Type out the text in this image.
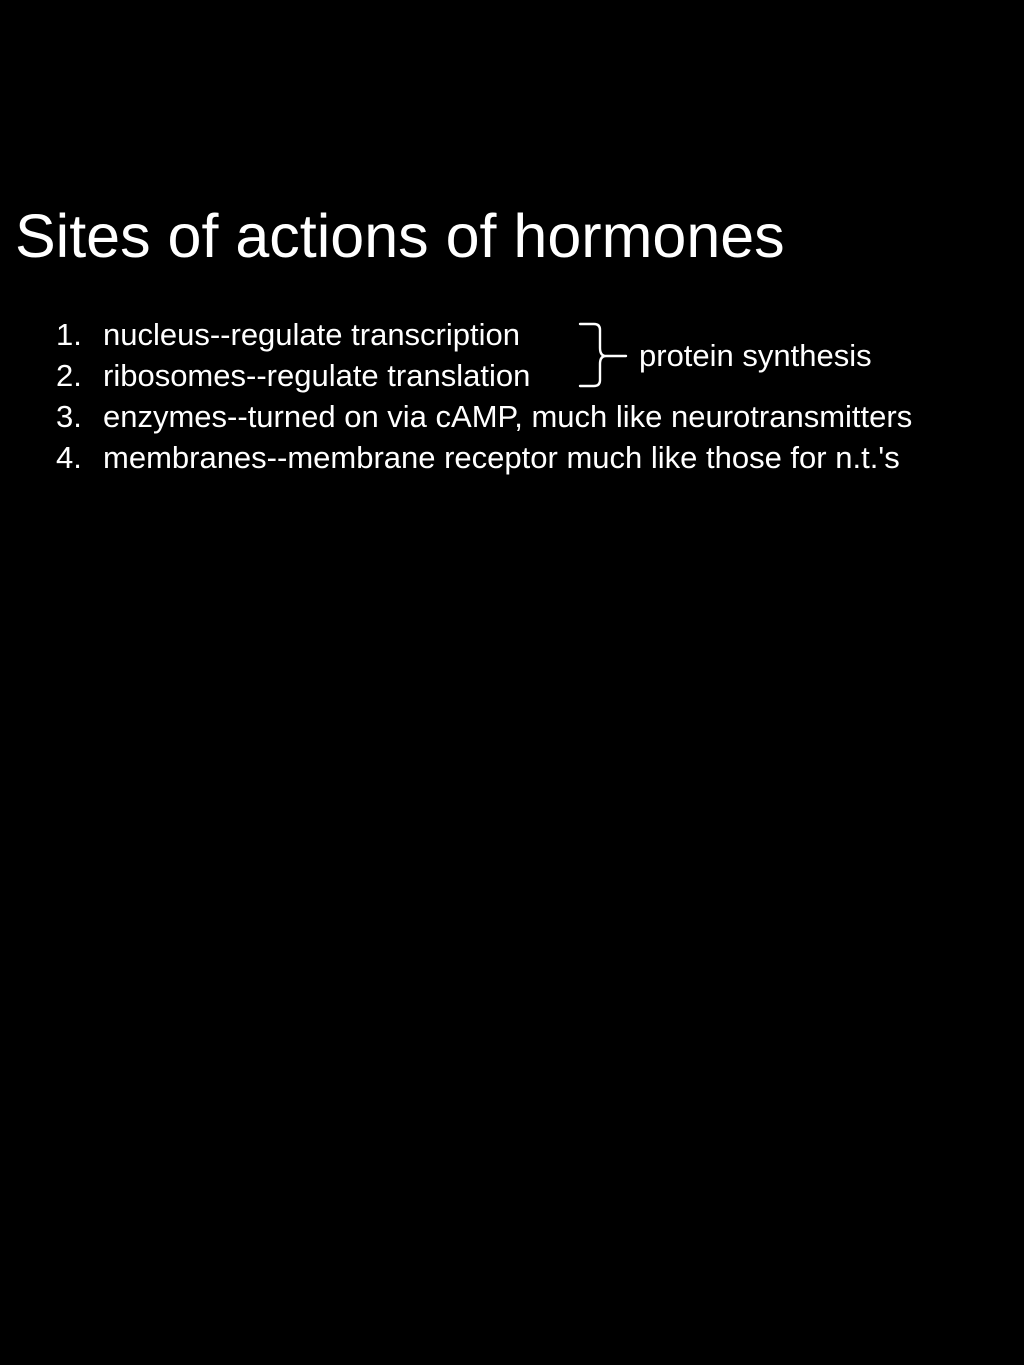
Sites of actions of hormones
1. nucleus--regulate transcription
2. ribosomes--regulate translation
3. enzymes--turned on via cAMP, much like neurotransmitters
4. membranes--membrane receptor much like those for n.t.'s
protein synthesis
